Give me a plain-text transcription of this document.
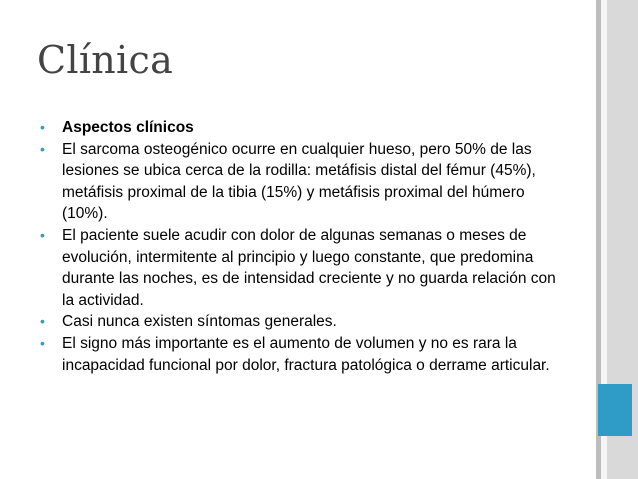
Clínica
• Aspectos clínicos
• El sarcoma osteogénico ocurre en cualquier hueso, pero 50% de las lesiones se ubica cerca de la rodilla: metáfisis distal del fémur (45%), metáfisis proximal de la tibia (15%) y metáfisis proximal del húmero (10%).
• El paciente suele acudir con dolor de algunas semanas o meses de evolución, intermitente al principio y luego constante, que predomina durante las noches, es de intensidad creciente y no guarda relación con la actividad.
• Casi nunca existen síntomas generales.
• El signo más importante es el aumento de volumen y no es rara la incapacidad funcional por dolor, fractura patológica o derrame articular.
